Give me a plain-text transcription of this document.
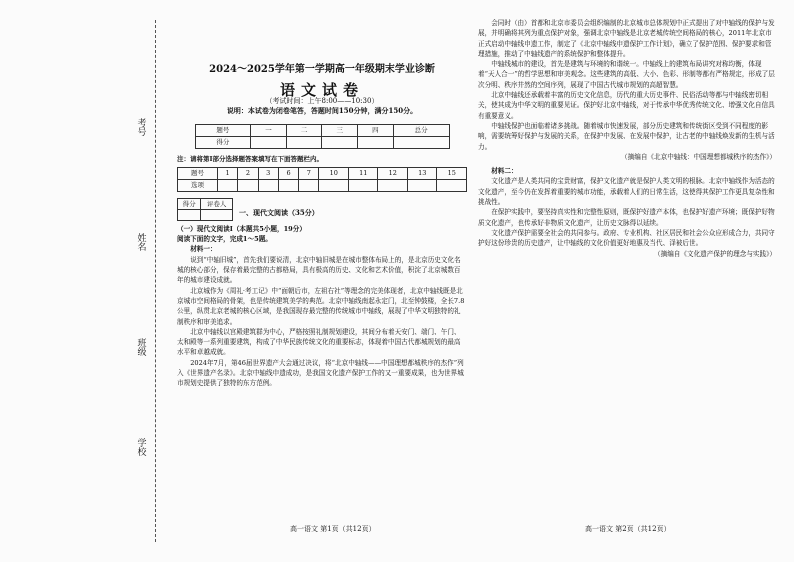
考号
姓名
班级
学校
2024～2025学年第一学期高一年级期末学业诊断
语文试卷
（考试时间：上午8:00——10:30）
说明：本试卷为闭卷笔答，答题时间150分钟，满分150分。
题号	一	二	三	四	总分
得分					
注：请将第Ⅰ部分选择题答案填写在下面答题栏内。
题号	1	2	3	6	7	10	11	12	13	15
选项										
得分	评卷人

一、现代文阅读（35分）

（一）现代文阅读Ⅰ（本题共5小题，19分）

阅读下面的文字，完成1～5题。

材料一：

说到“中轴旧城”，首先我们要说清，北京中轴旧城是在城市整体布局上的，是北京历史文化名城的核心部分，保存着最完整的古都格局，具有极高的历史、文化和艺术价值，积淀了北京城数百年的城市建设成就。

北京城作为《周礼·考工记》中“面朝后市，左祖右社”等理念的完美体现者，北京中轴线既是北京城市空间格局的骨架，也是传统建筑美学的典范。北京中轴线南起永定门，北至钟鼓楼，全长7.8公里，纵贯北京老城的核心区域，是我国现存最完整的传统城市中轴线，展现了中华文明独特的礼制秩序和审美追求。

北京中轴线以宫殿建筑群为中心，严格按照礼制规划建设，其间分布着天安门、端门、午门、太和殿等一系列重要建筑，构成了中华民族传统文化的重要标志，体现着中国古代都城规划的最高水平和卓越成就。

2024年7月，第46届世界遗产大会通过决议，将“北京中轴线——中国理想都城秩序的杰作”列入《世界遗产名录》。北京中轴线申遗成功，是我国文化遗产保护工作的又一重要成果，也为世界城市规划史提供了独特的东方范例。

高一语文 第1页（共12页）

会同时（由）首都和北京市委员会组织编制的北京城市总体规划中正式提出了对中轴线的保护与发展，并明确将其列为重点保护对象，强调北京中轴线是北京老城传统空间格局的核心，2011年北京市正式启动中轴线申遗工作，制定了《北京中轴线申遗保护工作计划》，确立了保护范围、保护要求和管理措施，推动了中轴线遗产的系统保护和整体提升。

中轴线城市的建设，首先是建筑与环境的和谐统一。中轴线上的建筑布局讲究对称均衡，体现着“天人合一”的哲学思想和审美观念。这些建筑的高低、大小、色彩、形制等都有严格规定，形成了层次分明、秩序井然的空间序列，展现了中国古代城市规划的高超智慧。

北京中轴线还承载着丰富的历史文化信息，历代的重大历史事件、民俗活动等都与中轴线密切相关，使其成为中华文明的重要见证。保护好北京中轴线，对于传承中华优秀传统文化、增强文化自信具有重要意义。

中轴线保护也面临着诸多挑战。随着城市快速发展，部分历史建筑和传统街区受到不同程度的影响，需要统筹好保护与发展的关系，在保护中发展、在发展中保护，让古老的中轴线焕发新的生机与活力。

（摘编自《北京中轴线：中国理想都城秩序的杰作》）

材料二：

文化遗产是人类共同的宝贵财富，保护文化遗产就是保护人类文明的根脉。北京中轴线作为活态的文化遗产，至今仍在发挥着重要的城市功能，承载着人们的日常生活，这使得其保护工作更具复杂性和挑战性。

在保护实践中，要坚持真实性和完整性原则，既保护好遗产本体，也保护好遗产环境；既保护好物质文化遗产，也传承好非物质文化遗产，让历史文脉得以延续。

文化遗产保护需要全社会的共同参与。政府、专业机构、社区居民和社会公众应形成合力，共同守护好这份珍贵的历史遗产，让中轴线的文化价值更好地惠及当代、泽被后世。

（摘编自《文化遗产保护的理念与实践》）

高一语文 第2页（共12页）
